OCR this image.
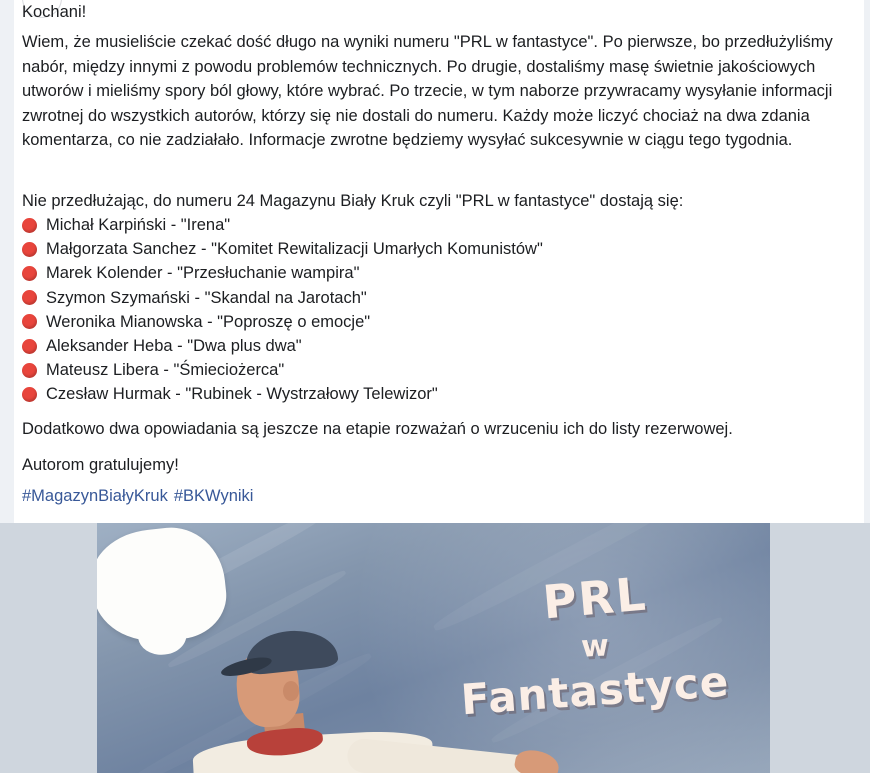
Kochani!

Wiem, że musieliście czekać dość długo na wyniki numeru "PRL w fantastyce". Po pierwsze, bo przedłużyliśmy nabór, między innymi z powodu problemów technicznych. Po drugie, dostaliśmy masę świetnie jakościowych utworów i mieliśmy spory ból głowy, które wybrać. Po trzecie, w tym naborze przywracamy wysyłanie informacji zwrotnej do wszystkich autorów, którzy się nie dostali do numeru. Każdy może liczyć chociaż na dwa zdania komentarza, co nie zadziałało. Informacje zwrotne będziemy wysyłać sukcesywnie w ciągu tego tygodnia.

Nie przedłużając, do numeru 24 Magazynu Biały Kruk czyli "PRL w fantastyce" dostają się:

Michał Karpiński - "Irena"
Małgorzata Sanchez - "Komitet Rewitalizacji Umarłych Komunistów"
Marek Kolender - "Przesłuchanie wampira"
Szymon Szymański - "Skandal na Jarotach"
Weronika Mianowska - "Poproszę o emocje"
Aleksander Heba - "Dwa plus dwa"
Mateusz Libera - "Śmieciożerca"
Czesław Hurmak - "Rubinek - Wystrzałowy Telewizor"

Dodatkowo dwa opowiadania są jeszcze na etapie rozważań o wrzuceniu ich do listy rezerwowej.

Autorom gratulujemy!

#MagazynBiałyKruk #BKWyniki
PRL
w
Fantastyce
